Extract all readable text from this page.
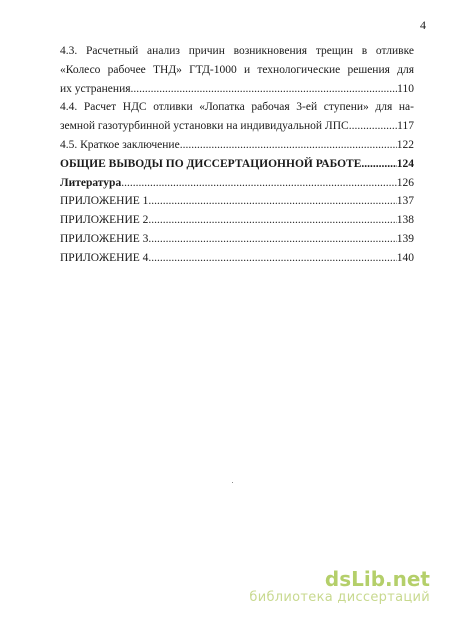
4
4.3. Расчетный анализ причин возникновения трещин в отливке
«Колесо рабочее ТНД» ГТД-1000 и технологические решения для
их устранения .....	110
4.4. Расчет НДС отливки «Лопатка рабочая 3-ей ступени» для на-
земной газотурбинной установки на индивидуальной ЛПС .....	117
4.5. Краткое заключение .....	122
ОБЩИЕ ВЫВОДЫ ПО ДИССЕРТАЦИОННОЙ РАБОТЕ .....	124
Литература .....	126
ПРИЛОЖЕНИЕ 1 .....	137
ПРИЛОЖЕНИЕ 2 .....	138
ПРИЛОЖЕНИЕ 3 .....	139
ПРИЛОЖЕНИЕ 4 .....	140
dsLib.net
библиотека диссертаций
